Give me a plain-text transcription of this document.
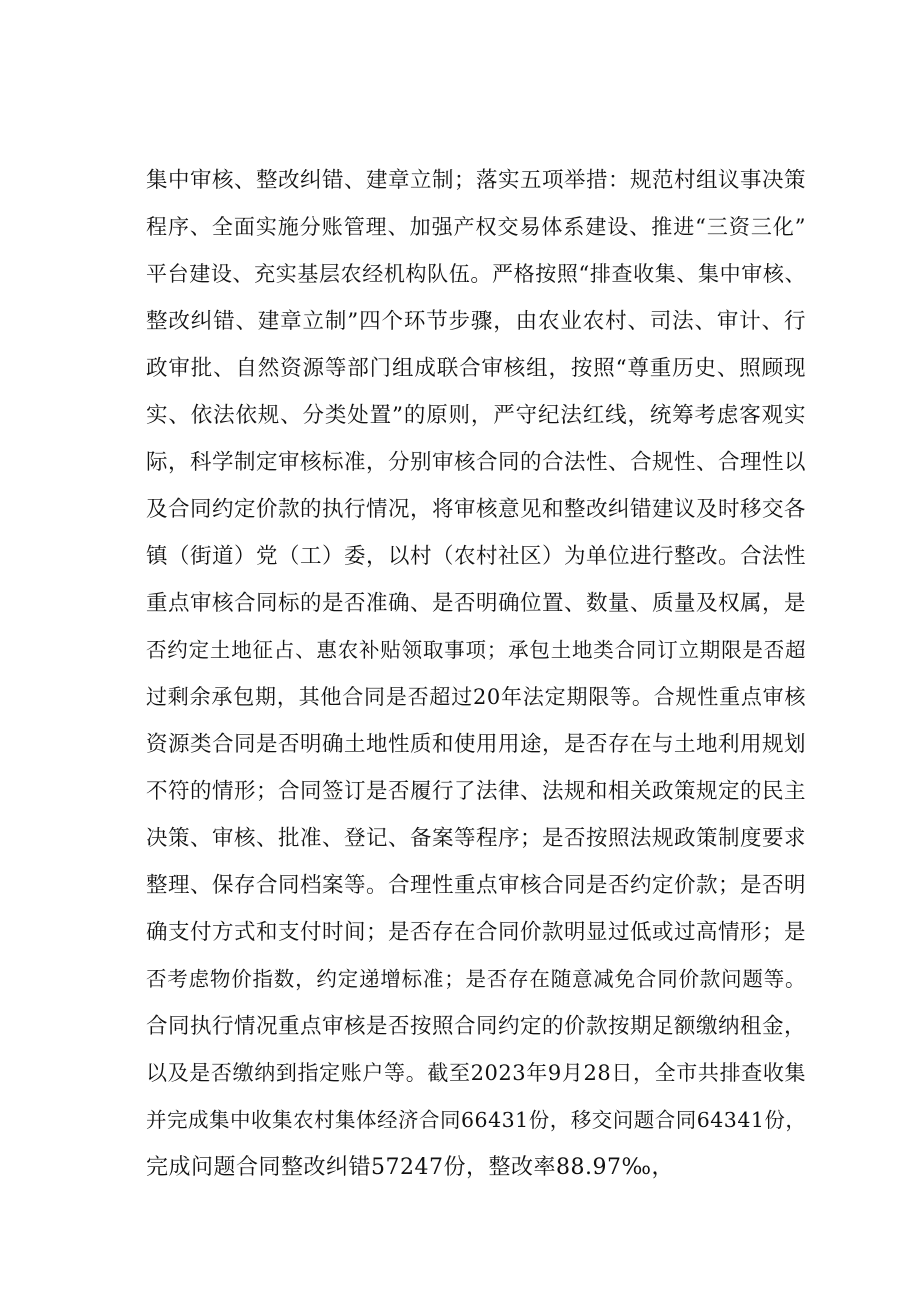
集中审核、整改纠错、建章立制；落实五项举措：规范村组议事决策
程序、全面实施分账管理、加强产权交易体系建设、推进“三资三化”
平台建设、充实基层农经机构队伍。严格按照“排查收集、集中审核、
整改纠错、建章立制”四个环节步骤，由农业农村、司法、审计、行
政审批、自然资源等部门组成联合审核组，按照“尊重历史、照顾现
实、依法依规、分类处置”的原则，严守纪法红线，统筹考虑客观实
际，科学制定审核标准，分别审核合同的合法性、合规性、合理性以
及合同约定价款的执行情况，将审核意见和整改纠错建议及时移交各
镇（街道）党（工）委，以村（农村社区）为单位进行整改。合法性
重点审核合同标的是否准确、是否明确位置、数量、质量及权属，是
否约定土地征占、惠农补贴领取事项；承包土地类合同订立期限是否超
过剩余承包期，其他合同是否超过20年法定期限等。合规性重点审核
资源类合同是否明确土地性质和使用用途，是否存在与土地利用规划
不符的情形；合同签订是否履行了法律、法规和相关政策规定的民主
决策、审核、批准、登记、备案等程序；是否按照法规政策制度要求
整理、保存合同档案等。合理性重点审核合同是否约定价款；是否明
确支付方式和支付时间；是否存在合同价款明显过低或过高情形；是
否考虑物价指数，约定递增标准；是否存在随意减免合同价款问题等。
合同执行情况重点审核是否按照合同约定的价款按期足额缴纳租金，
以及是否缴纳到指定账户等。截至2023年9月28日，全市共排查收集
并完成集中收集农村集体经济合同66431份，移交问题合同64341份，
完成问题合同整改纠错57247份，整改率88.97‰，
